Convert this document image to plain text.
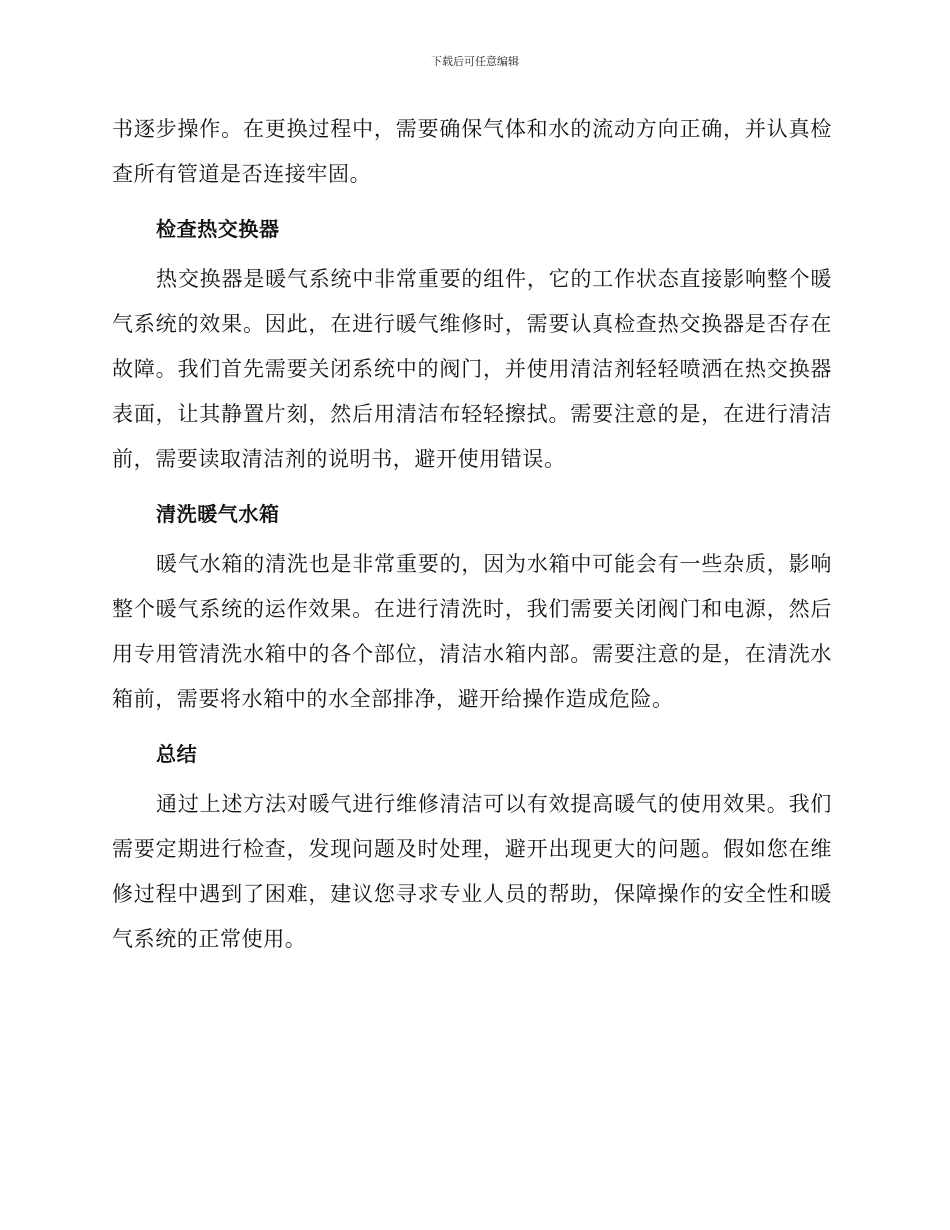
下载后可任意编辑

书逐步操作。在更换过程中，需要确保气体和水的流动方向正确，并认真检查所有管道是否连接牢固。

检查热交换器

热交换器是暖气系统中非常重要的组件，它的工作状态直接影响整个暖气系统的效果。因此，在进行暖气维修时，需要认真检查热交换器是否存在故障。我们首先需要关闭系统中的阀门，并使用清洁剂轻轻喷洒在热交换器表面，让其静置片刻，然后用清洁布轻轻擦拭。需要注意的是，在进行清洁前，需要读取清洁剂的说明书，避开使用错误。

清洗暖气水箱

暖气水箱的清洗也是非常重要的，因为水箱中可能会有一些杂质，影响整个暖气系统的运作效果。在进行清洗时，我们需要关闭阀门和电源，然后用专用管清洗水箱中的各个部位，清洁水箱内部。需要注意的是，在清洗水箱前，需要将水箱中的水全部排净，避开给操作造成危险。

总结

通过上述方法对暖气进行维修清洁可以有效提高暖气的使用效果。我们需要定期进行检查，发现问题及时处理，避开出现更大的问题。假如您在维修过程中遇到了困难，建议您寻求专业人员的帮助，保障操作的安全性和暖气系统的正常使用。
